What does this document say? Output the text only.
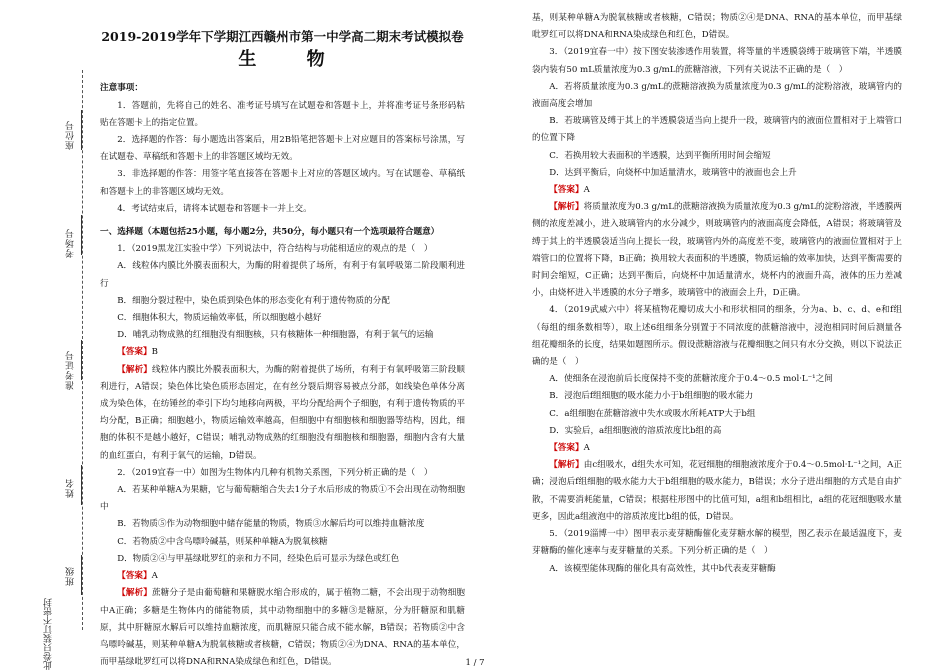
座位号
考场号
准考证号
姓名
班级
此卷只装订不密封
2019-2019学年下学期江西赣州市第一中学高二期末考试模拟卷
生 物
注意事项：

1．答题前，先将自己的姓名、准考证号填写在试题卷和答题卡上，并将准考证号条形码粘贴在答题卡上的指定位置。

2．选择题的作答：每小题选出答案后，用2B铅笔把答题卡上对应题目的答案标号涂黑，写在试题卷、草稿纸和答题卡上的非答题区域均无效。

3．非选择题的作答：用签字笔直接答在答题卡上对应的答题区域内。写在试题卷、草稿纸和答题卡上的非答题区域均无效。

4．考试结束后，请将本试题卷和答题卡一并上交。

一、选择题（本题包括25小题，每小题2分，共50分，每小题只有一个选项最符合题意）

1．（2019黑龙江实验中学）下列说法中，符合结构与功能相适应的观点的是（　）

A．线粒体内膜比外膜表面积大，为酶的附着提供了场所，有利于有氧呼吸第二阶段顺利进行

B．细胞分裂过程中，染色质到染色体的形态变化有利于遗传物质的分配

C．细胞体积大，物质运输效率低，所以细胞越小越好

D．哺乳动物成熟的红细胞没有细胞核，只有核糖体一种细胞器，有利于氧气的运输

【答案】B

【解析】线粒体内膜比外膜表面积大，为酶的附着提供了场所，有利于有氧呼吸第三阶段顺利进行，A错误；染色体比染色质形态固定，在有丝分裂后期容易被点分部，如线染色单体分离成为染色体，在纺锤丝的牵引下均匀地移向两极，平均分配给两个子细胞，有利于遗传物质的平均分配，B正确；细胞越小，物质运输效率越高，但细胞中有细胞核和细胞器等结构，因此，细胞的体积不是越小越好，C错误；哺乳动物成熟的红细胞没有细胞核和细胞器，细胞内含有大量的血红蛋白，有利于氧气的运输，D错误。

2．（2019宜春一中）如图为生物体内几种有机物关系图，下列分析正确的是（　）

A．若某种单糖A为果糖，它与葡萄糖缩合失去1分子水后形成的物质①不会出现在动物细胞中

B．若物质⑤作为动物细胞中储存能量的物质，物质③水解后均可以维持血糖浓度

C．若物质②中含鸟嘌呤碱基，则某种单糖A为脱氧核糖

D．物质②④与甲基绿吡罗红的亲和力不同，经染色后可显示为绿色或红色

【答案】A

【解析】蔗糖分子是由葡萄糖和果糖脱水缩合形成的，属于植物二糖，不会出现于动物细胞中A正确；多糖是生物体内的储能物质，其中动物细胞中的多糖③是糖原，分为肝糖原和肌糖原，其中肝糖原水解后可以维持血糖浓度，而肌糖原只能合成不能水解，B错误；若物质②中含鸟嘌呤碱基，则某种单糖A为脱氧核糖或者核糖，C错误；物质②④为DNA、RNA的基本单位，而甲基绿吡罗红可以将DNA和RNA染成绿色和红色，D错误。

基，则某种单糖A为脱氧核糖或者核糖，C错误；物质②④是DNA、RNA的基本单位，而甲基绿吡罗红可以将DNA和RNA染成绿色和红色，D错误。

3．（2019宜春一中）按下图安装渗透作用装置，将等量的半透膜袋缚于玻璃管下端，半透膜袋内装有50 mL质量浓度为0.3 g/mL的蔗糖溶液，下列有关说法不正确的是（　）

A．若将质量浓度为0.3 g/mL的蔗糖溶液换为质量浓度为0.3 g/mL的淀粉溶液，玻璃管内的液面高度会增加

B．若玻璃管及缚于其上的半透膜袋适当向上提升一段，玻璃管内的液面位置相对于上端管口的位置下降

C．若换用较大表面积的半透膜，达到平衡所用时间会缩短

D．达到平衡后，向烧杯中加适量清水，玻璃管中的液面也会上升

【答案】A

【解析】将质量浓度为0.3 g/mL的蔗糖溶液换为质量浓度为0.3 g/mL的淀粉溶液，半透膜两侧的浓度差减小，进入玻璃管内的水分减少，则玻璃管内的液面高度会降低，A错误；将玻璃管及缚于其上的半透膜袋适当向上提长一段，玻璃管内外的高度差不变，玻璃管内的液面位置相对于上端管口的位置将下降，B正确；换用较大表面积的半透膜，物质运输的效率加快，达到平衡需要的时间会缩短，C正确；达到平衡后，向烧杯中加适量清水，烧杯内的液面升高，液体的压力差减小，由烧杯进入半透膜的水分子增多，玻璃管中的液面会上升，D正确。

4．（2019武威六中）将某植物花瓣切成大小和形状相同的细条，分为a、b、c、d、e和f组（每组的细条数相等），取上述6组细条分别置于不同浓度的蔗糖溶液中，浸泡相同时间后测量各组花瓣细条的长度，结果如题图所示。假设蔗糖溶液与花瓣细胞之间只有水分交换，则以下说法正确的是（　）

A．使细条在浸泡前后长度保持不变的蔗糖浓度介于0.4～0.5 mol·L⁻¹之间

B．浸泡后f组细胞的吸水能力小于b组细胞的吸水能力

C．a组细胞在蔗糖溶液中失水或吸水所耗ATP大于b组

D．实验后，a组细胞液的溶质浓度比b组的高

【答案】A

【解析】由c组吸水，d组失水可知，花冠细胞的细胞液浓度介于0.4～0.5mol·L⁻¹之间，A正确；浸泡后f组细胞的吸水能力大于b组细胞的吸水能力，B错误；水分子进出细胞的方式是自由扩散，不需要消耗能量，C错误；根据柱形图中的比值可知，a组和b组相比，a组的花冠细胞吸水量更多，因此a组液泡中的溶质浓度比b组的低，D错误。

5．（2019淄博一中）图甲表示麦芽糖酶催化麦芽糖水解的模型，图乙表示在最适温度下，麦芽糖酶的催化速率与麦芽糖量的关系。下列分析正确的是（　）

A．该模型能体现酶的催化具有高效性，其中b代表麦芽糖酶

1 / 7
